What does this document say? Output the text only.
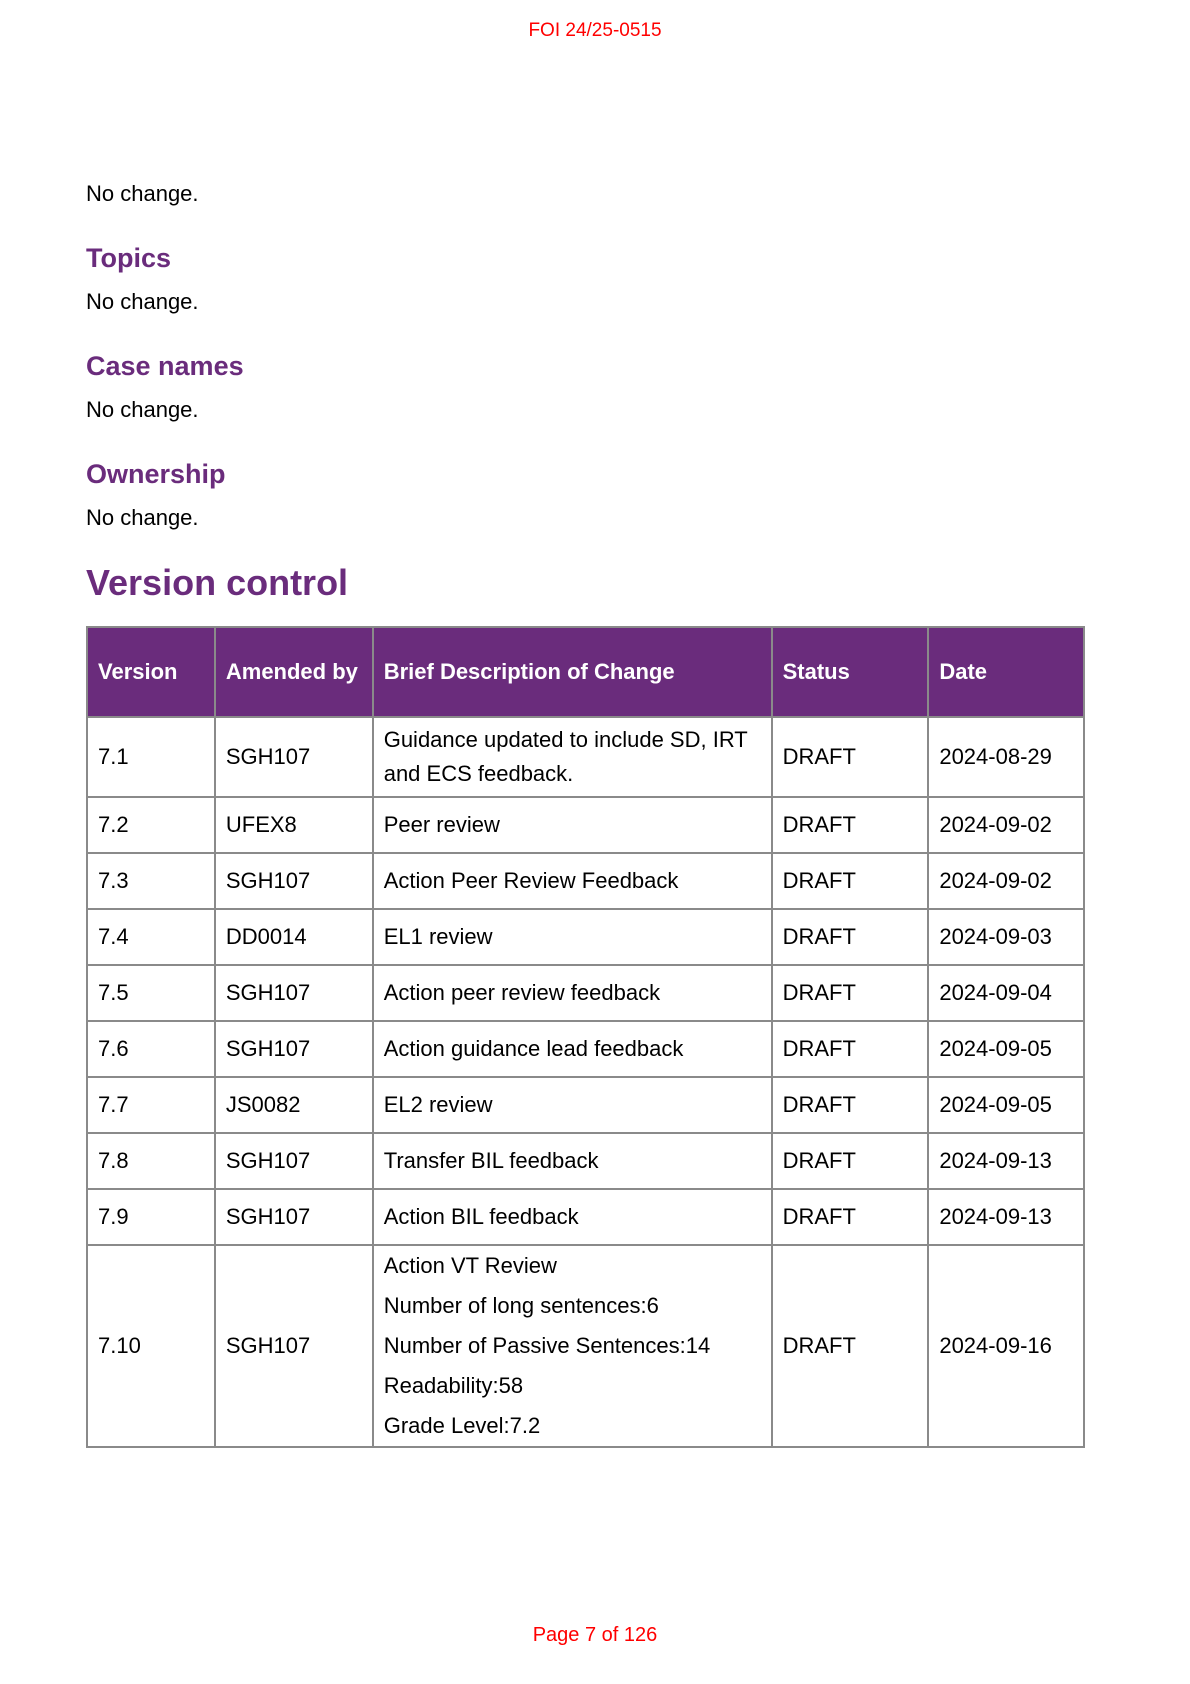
FOI 24/25-0515

No change.

Topics

No change.

Case names

No change.

Ownership

No change.

Version control
Version	Amended by	Brief Description of Change	Status	Date
7.1	SGH107	Guidance updated to include SD, IRT and ECS feedback.	DRAFT	2024-08-29
7.2	UFEX8	Peer review	DRAFT	2024-09-02
7.3	SGH107	Action Peer Review Feedback	DRAFT	2024-09-02
7.4	DD0014	EL1 review	DRAFT	2024-09-03
7.5	SGH107	Action peer review feedback	DRAFT	2024-09-04
7.6	SGH107	Action guidance lead feedback	DRAFT	2024-09-05
7.7	JS0082	EL2 review	DRAFT	2024-09-05
7.8	SGH107	Transfer BIL feedback	DRAFT	2024-09-13
7.9	SGH107	Action BIL feedback	DRAFT	2024-09-13
7.10	SGH107	Action VT Review
Number of long sentences:6
Number of Passive Sentences:14
Readability:58
Grade Level:7.2	DRAFT	2024-09-16
Page 7 of 126
